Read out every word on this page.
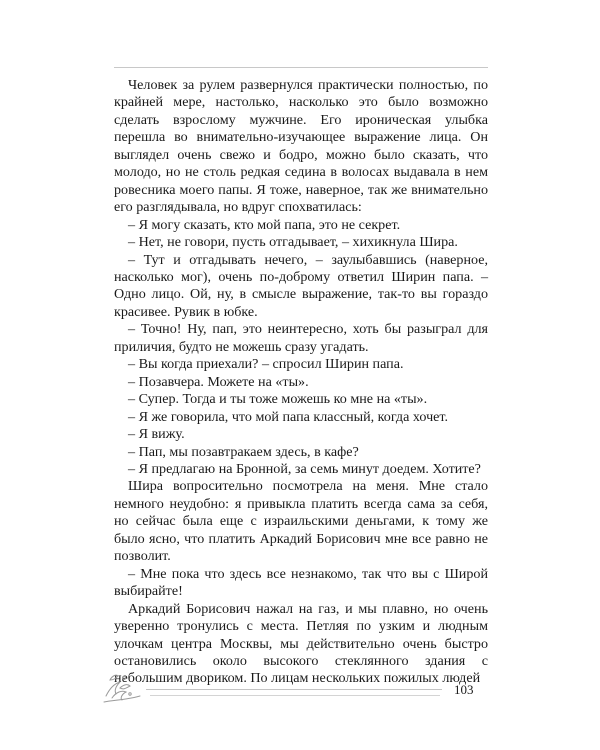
Человек за рулем развернулся практически полностью, по крайней мере, настолько, насколько это было возможно сделать взрослому мужчине. Его ироническая улыбка перешла во внимательно-изучающее выражение лица. Он выглядел очень свежо и бодро, можно было сказать, что молодо, но не столь редкая седина в волосах выдавала в нем ровесника моего папы. Я тоже, наверное, так же внимательно его разглядывала, но вдруг спохватилась:

– Я могу сказать, кто мой папа, это не секрет.

– Нет, не говори, пусть отгадывает, – хихикнула Шира.

– Тут и отгадывать нечего, – заулыбавшись (наверное, насколько мог), очень по-доброму ответил Ширин папа. – Одно лицо. Ой, ну, в смысле выражение, так-то вы гораздо красивее. Рувик в юбке.

– Точно! Ну, пап, это неинтересно, хоть бы разыграл для приличия, будто не можешь сразу угадать.

– Вы когда приехали? – спросил Ширин папа.

– Позавчера. Можете на «ты».

– Супер. Тогда и ты тоже можешь ко мне на «ты».

– Я же говорила, что мой папа классный, когда хочет.

– Я вижу.

– Пап, мы позавтракаем здесь, в кафе?

– Я предлагаю на Бронной, за семь минут доедем. Хотите?

Шира вопросительно посмотрела на меня. Мне стало немного неудобно: я привыкла платить всегда сама за себя, но сейчас была еще с израильскими деньгами, к тому же было ясно, что платить Аркадий Борисович мне все равно не позволит.

– Мне пока что здесь все незнакомо, так что вы с Широй выбирайте!

Аркадий Борисович нажал на газ, и мы плавно, но очень уверенно тронулись с места. Петляя по узким и людным улочкам центра Москвы, мы действительно очень быстро остановились около высокого стеклянного здания с небольшим двориком. По лицам нескольких пожилых людей

103
